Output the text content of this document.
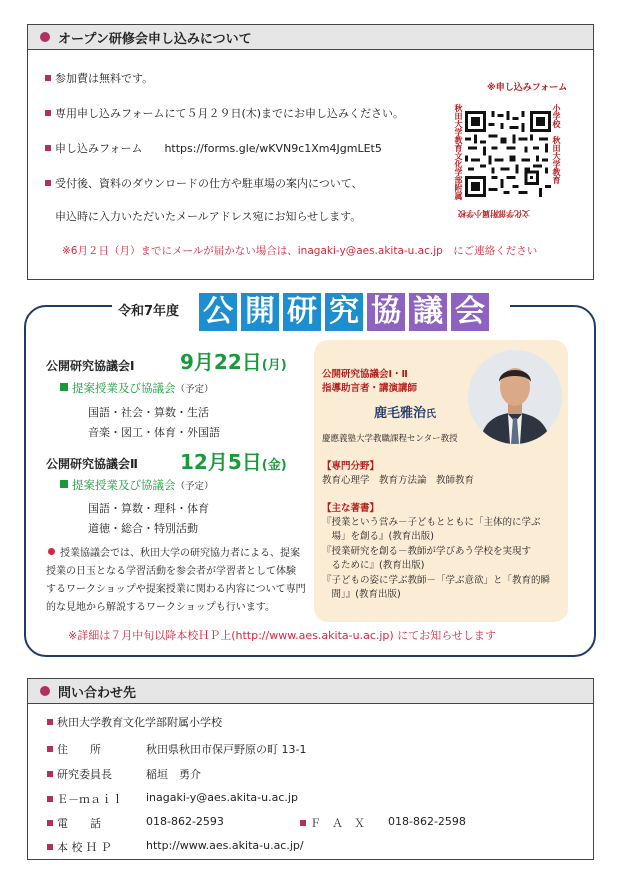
オープン研修会申し込みについて
参加費は無料です。
専用申し込みフォームにて５月２９日(木)までにお申し込みください。
申し込みフォーム　　https://forms.gle/wKVN9c1Xm4JgmLEt5
受付後、資料のダウンロードの仕方や駐車場の案内について、
申込時に入力いただいたメールアドレス宛にお知らせします。
※6月２日（月）までにメールが届かない場合は、inagaki-y@aes.akita-u.ac.jp　にご連絡ください
※申し込みフォーム
秋田大学教育文化学部附属	小学校　秋田大学教育
文化学部附属小学校
令和7年度 公 開 研 究 協 議 会
公開研究協議会Ⅰ 9月22日(月)
提案授業及び協議会（予定）
国語・社会・算数・生活
音楽・図工・体育・外国語
公開研究協議会Ⅱ 12月5日(金)
提案授業及び協議会（予定）
国語・算数・理科・体育
道徳・総合・特別活動
授業協議会では、秋田大学の研究協力者による、提案
授業の日玉となる学習活動を参会者が学習者として体験
するワークショップや提案授業に関わる内容について専門
的な見地から解説するワークショップも行います。
公開研究協議会Ⅰ・Ⅱ
指導助言者・講演講師
鹿毛雅治氏
慶應義塾大学教職課程センター教授
【専門分野】
教育心理学　教育方法論　教師教育
【主な著書】
『授業という営み－子どもとともに「主体的に学ぶ
　場」を創る』(教育出版)
『授業研究を創る－教師が学びあう学校を実現す
　るために』(教育出版)
『子どもの姿に学ぶ教師－「学ぶ意欲」と「教育的瞬
　間」』(教育出版)
※詳細は７月中旬以降本校ＨＰ上(http://www.aes.akita-u.ac.jp) にてお知らせします
問い合わせ先
秋田大学教育文化学部附属小学校
住　　所	秋田県秋田市保戸野原の町 13-1
研究委員長	稲垣　勇介
Ｅ－ｍａｉｌ inagaki-y@aes.akita-u.ac.jp
電　　話	018-862-2593	Ｆ　Ａ　Ｘ 018-862-2598
本 校 Ｈ Ｐ	http://www.aes.akita-u.ac.jp/
